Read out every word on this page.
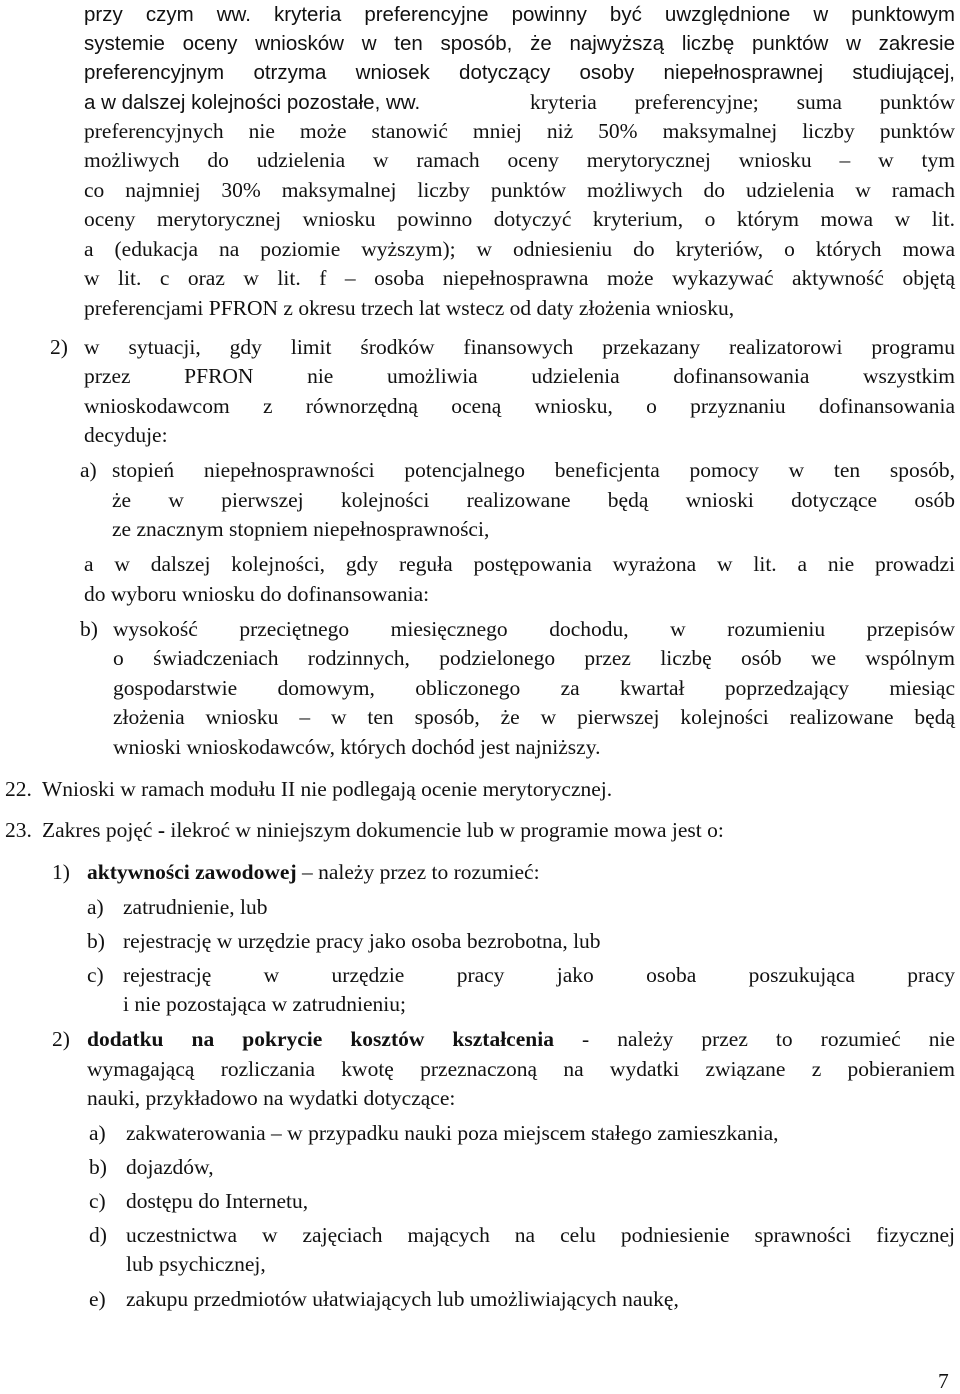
przy czym ww. kryteria preferencyjne powinny być uwzględnione w punktowym
systemie oceny wniosków w ten sposób, że najwyższą liczbę punktów w zakresie
preferencyjnym otrzyma wniosek dotyczący osoby niepełnosprawnej studiującej,
a w dalszej kolejności pozostałe, ww.	kryteria preferencyjne; suma punktów
preferencyjnych nie może stanowić mniej niż 50% maksymalnej liczby punktów
możliwych do udzielenia w ramach oceny merytorycznej wniosku – w tym
co najmniej 30% maksymalnej liczby punktów możliwych do udzielenia w ramach
oceny merytorycznej wniosku powinno dotyczyć kryterium, o którym mowa w lit.
a (edukacja na poziomie wyższym); w odniesieniu do kryteriów, o których mowa
w lit. c oraz w lit. f – osoba niepełnosprawna może wykazywać aktywność objętą
preferencjami PFRON z okresu trzech lat wstecz od daty złożenia wniosku,
2) w sytuacji, gdy limit środków finansowych przekazany realizatorowi programu
przez PFRON nie umożliwia udzielenia dofinansowania wszystkim
wnioskodawcom z równorzędną oceną wniosku, o przyznaniu dofinansowania
decyduje:
a) stopień niepełnosprawności potencjalnego beneficjenta pomocy w ten sposób,
że w pierwszej kolejności realizowane będą wnioski dotyczące osób
ze znacznym stopniem niepełnosprawności,
a w dalszej kolejności, gdy reguła postępowania wyrażona w lit. a nie prowadzi
do wyboru wniosku do dofinansowania:
b) wysokość przeciętnego miesięcznego dochodu, w rozumieniu przepisów
o świadczeniach rodzinnych, podzielonego przez liczbę osób we wspólnym
gospodarstwie domowym, obliczonego za kwartał poprzedzający miesiąc
złożenia wniosku – w ten sposób, że w pierwszej kolejności realizowane będą
wnioski wnioskodawców, których dochód jest najniższy.
22. Wnioski w ramach modułu II nie podlegają ocenie merytorycznej.
23. Zakres pojęć - ilekroć w niniejszym dokumencie lub w programie mowa jest o:
1) aktywności zawodowej – należy przez to rozumieć:
a) zatrudnienie, lub
b) rejestrację w urzędzie pracy jako osoba bezrobotna, lub
c) rejestrację w urzędzie pracy jako osoba poszukująca pracy
i nie pozostająca w zatrudnieniu;
2) dodatku na pokrycie kosztów kształcenia - należy przez to rozumieć nie
wymagającą rozliczania kwotę przeznaczoną na wydatki związane z pobieraniem
nauki, przykładowo na wydatki dotyczące:
a) zakwaterowania – w przypadku nauki poza miejscem stałego zamieszkania,
b) dojazdów,
c) dostępu do Internetu,
d) uczestnictwa w zajęciach mających na celu podniesienie sprawności fizycznej
lub psychicznej,
e) zakupu przedmiotów ułatwiających lub umożliwiających naukę,
7
